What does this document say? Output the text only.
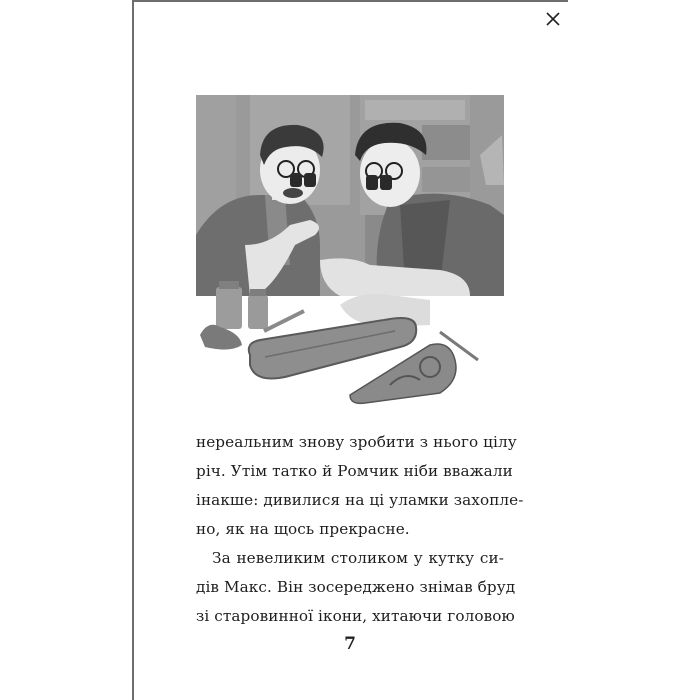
нереальним знову зробити з нього цілу
річ. Утім татко й Ромчик ніби вважали
інакше: дивилися на ці уламки захопле-
но, як на щось прекрасне.
За невеликим столиком у кутку си-
дів Макс. Він зосереджено знімав бруд
зі старовинної ікони, хитаючи головою
7
